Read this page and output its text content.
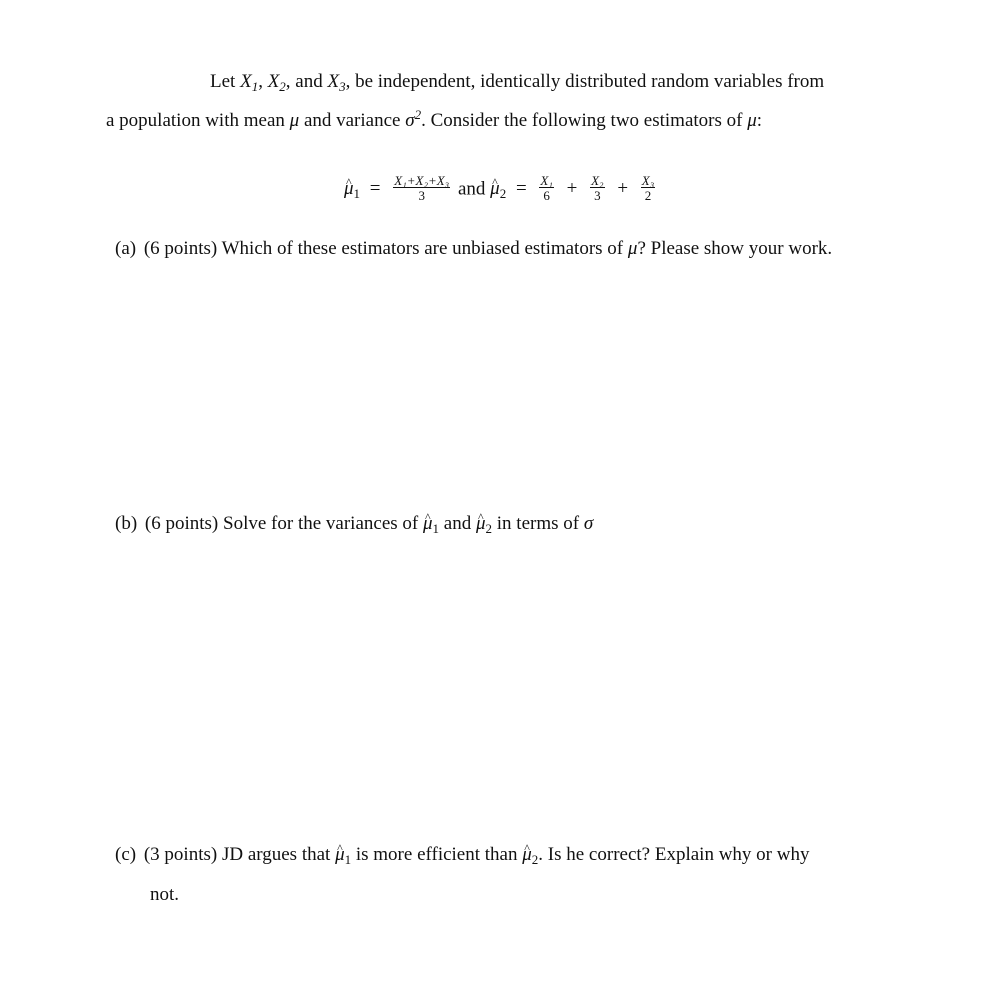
Let $X_1$, $X_2$, and $X_3$, be independent, identically distributed random variables from
a population with mean μ and variance $\sigma^2$. Consider the following two estimators of μ:
^ $\mu_1 = \frac{\text{X₁+X₂+X₃}}{3}$ and ^ $\mu_2 = \frac{\text{X₁}}{6} + \frac{\text{X₂}}{3} + \frac{\text{X₃}}{2}$
(a) (6 points) Which of these estimators are unbiased estimators of μ? Please show your work.
(b) (6 points) Solve for the variances of ^ $\mu_1$ and ^ $\mu_2$ in terms of σ
(c) (3 points) JD argues that ^ $\mu_1$ is more efficient than ^ $\mu_2$. Is he correct? Explain why or why
not.
